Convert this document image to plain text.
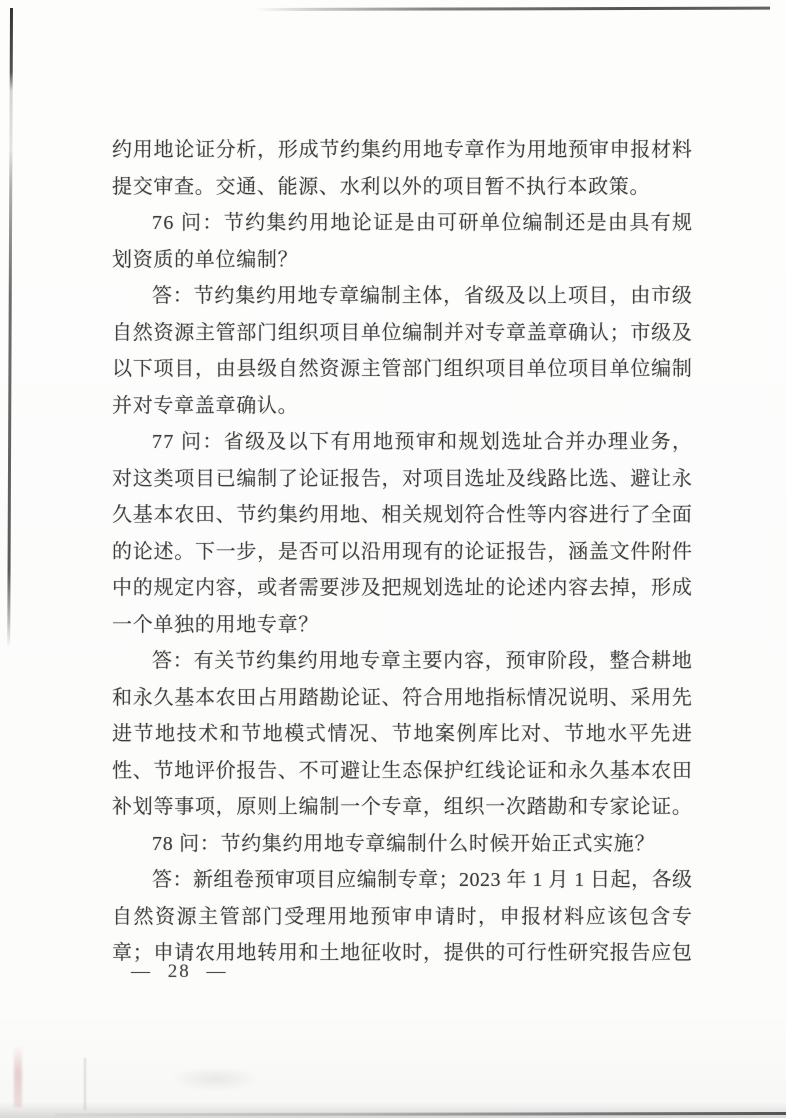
约 用 地 论 证 分 析 ， 形 成 节 约 集 约 用 地 专 章 作 为 用 地 预 审 申 报 材 料
提交审查。交通、能源、水利以外的项目暂不执行本政策。
7 6
问 ： 节 约 集 约 用 地 论 证 是 由 可 研 单 位 编 制 还 是 由 具 有 规
划资质的单位编制？
答 ： 节 约 集 约 用 地 专 章 编 制 主 体 ， 省 级 及 以 上 项 目 ， 由 市 级
自 然 资 源 主 管 部 门 组 织 项 目 单 位 编 制 并 对 专 章 盖 章 确 认 ； 市 级 及
以 下 项 目 ， 由 县 级 自 然 资 源 主 管 部 门 组 织 项 目 单 位 项 目 单 位 编 制
并对专章盖章确认。
7 7
问 ： 省 级 及 以 下 有 用 地 预 审 和 规 划 选 址 合 并 办 理 业 务 ，
对 这 类 项 目 已 编 制 了 论 证 报 告 ， 对 项 目 选 址 及 线 路 比 选 、 避 让 永
久 基 本 农 田 、 节 约 集 约 用 地 、 相 关 规 划 符 合 性 等 内 容 进 行 了 全 面
的 论 述 。 下 一 步 ， 是 否 可 以 沿 用 现 有 的 论 证 报 告 ， 涵 盖 文 件 附 件
中 的 规 定 内 容 ， 或 者 需 要 涉 及 把 规 划 选 址 的 论 述 内 容 去 掉 ， 形 成
一个单独的用地专章？
答 ： 有 关 节 约 集 约 用 地 专 章 主 要 内 容 ， 预 审 阶 段 ， 整 合 耕 地
和 永 久 基 本 农 田 占 用 踏 勘 论 证 、 符 合 用 地 指 标 情 况 说 明 、 采 用 先
进 节 地 技 术 和 节 地 模 式 情 况 、 节 地 案 例 库 比 对 、 节 地 水 平 先 进
性 、 节 地 评 价 报 告 、 不 可 避 让 生 态 保 护 红 线 论 证 和 永 久 基 本 农 田
补 划 等 事 项 ， 原 则 上 编 制 一 个 专 章 ， 组 织 一 次 踏 勘 和 专 家 论 证 。
78 问：节约集约用地专章编制什么时候开始正式实施？
答 ： 新 组 卷 预 审 项 目 应 编 制 专 章 ； 2 0 2 3
年
1
月
1
日 起 ， 各 级
自 然 资 源 主 管 部 门 受 理 用 地 预 审 申 请 时 ， 申 报 材 料 应 该 包 含 专
章 ； 申 请 农 用 地 转 用 和 土 地 征 收 时 ， 提 供 的 可 行 性 研 究 报 告 应 包
— 28 —
